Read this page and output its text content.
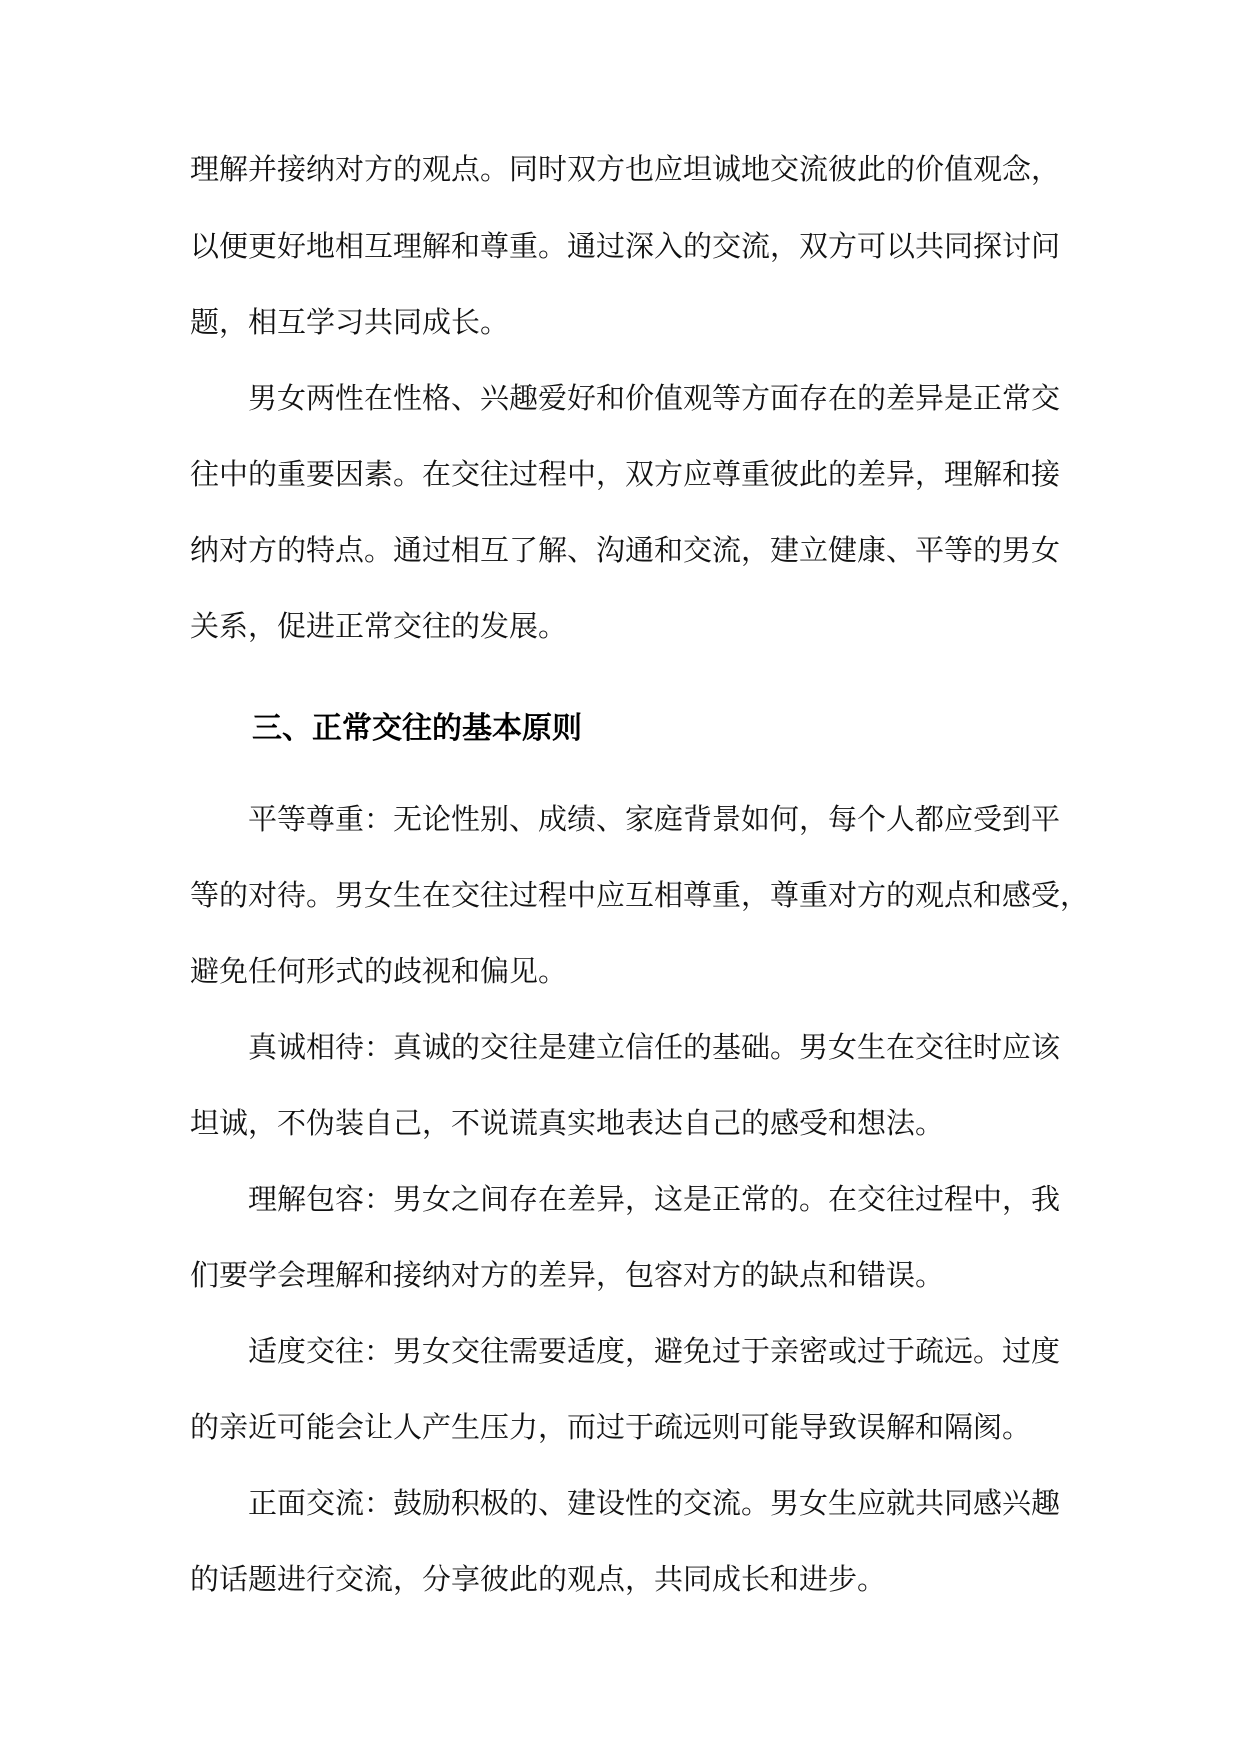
理解并接纳对方的观点。同时双方也应坦诚地交流彼此的价值观念，
以便更好地相互理解和尊重。通过深入的交流，双方可以共同探讨问
题，相互学习共同成长。
男女两性在性格、兴趣爱好和价值观等方面存在的差异是正常交
往中的重要因素。在交往过程中，双方应尊重彼此的差异，理解和接
纳对方的特点。通过相互了解、沟通和交流，建立健康、平等的男女
关系，促进正常交往的发展。
三、正常交往的基本原则
平等尊重：无论性别、成绩、家庭背景如何，每个人都应受到平
等的对待。男女生在交往过程中应互相尊重，尊重对方的观点和感受，
避免任何形式的歧视和偏见。
真诚相待：真诚的交往是建立信任的基础。男女生在交往时应该
坦诚，不伪装自己，不说谎真实地表达自己的感受和想法。
理解包容：男女之间存在差异，这是正常的。在交往过程中，我
们要学会理解和接纳对方的差异，包容对方的缺点和错误。
适度交往：男女交往需要适度，避免过于亲密或过于疏远。过度
的亲近可能会让人产生压力，而过于疏远则可能导致误解和隔阂。
正面交流：鼓励积极的、建设性的交流。男女生应就共同感兴趣
的话题进行交流，分享彼此的观点，共同成长和进步。
